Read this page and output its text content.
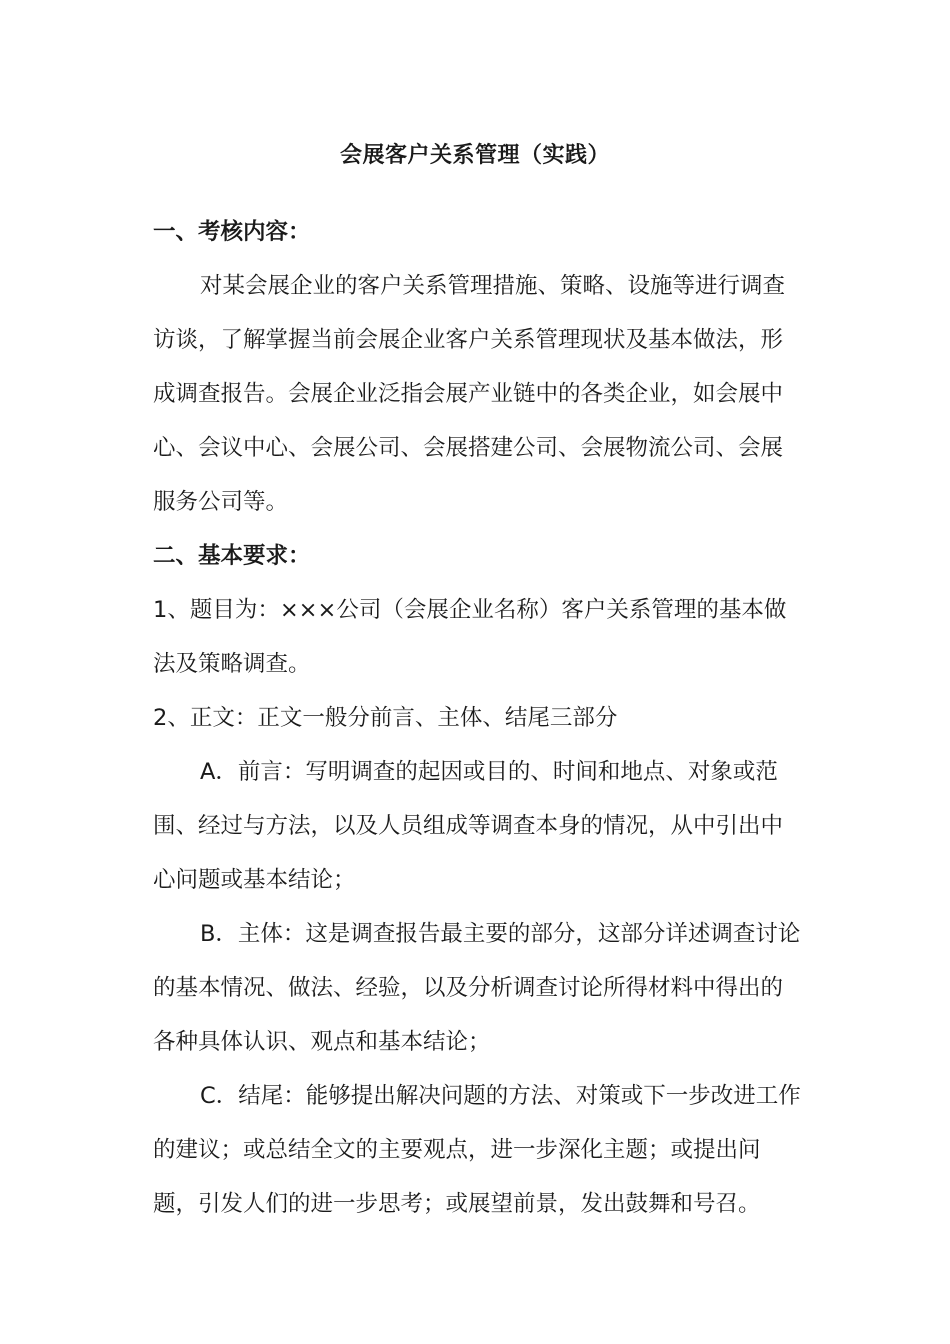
会展客户关系管理（实践）

一、考核内容：

对某会展企业的客户关系管理措施、策略、设施等进行调查访谈，了解掌握当前会展企业客户关系管理现状及基本做法，形成调查报告。会展企业泛指会展产业链中的各类企业，如会展中心、会议中心、会展公司、会展搭建公司、会展物流公司、会展服务公司等。

二、基本要求：

1、题目为：×××公司（会展企业名称）客户关系管理的基本做法及策略调查。

2、正文：正文一般分前言、主体、结尾三部分

A．前言：写明调查的起因或目的、时间和地点、对象或范围、经过与方法，以及人员组成等调查本身的情况，从中引出中心问题或基本结论；

B．主体：这是调查报告最主要的部分，这部分详述调查讨论的基本情况、做法、经验，以及分析调查讨论所得材料中得出的各种具体认识、观点和基本结论；

C．结尾：能够提出解决问题的方法、对策或下一步改进工作的建议；或总结全文的主要观点，进一步深化主题；或提出问题，引发人们的进一步思考；或展望前景，发出鼓舞和号召。
